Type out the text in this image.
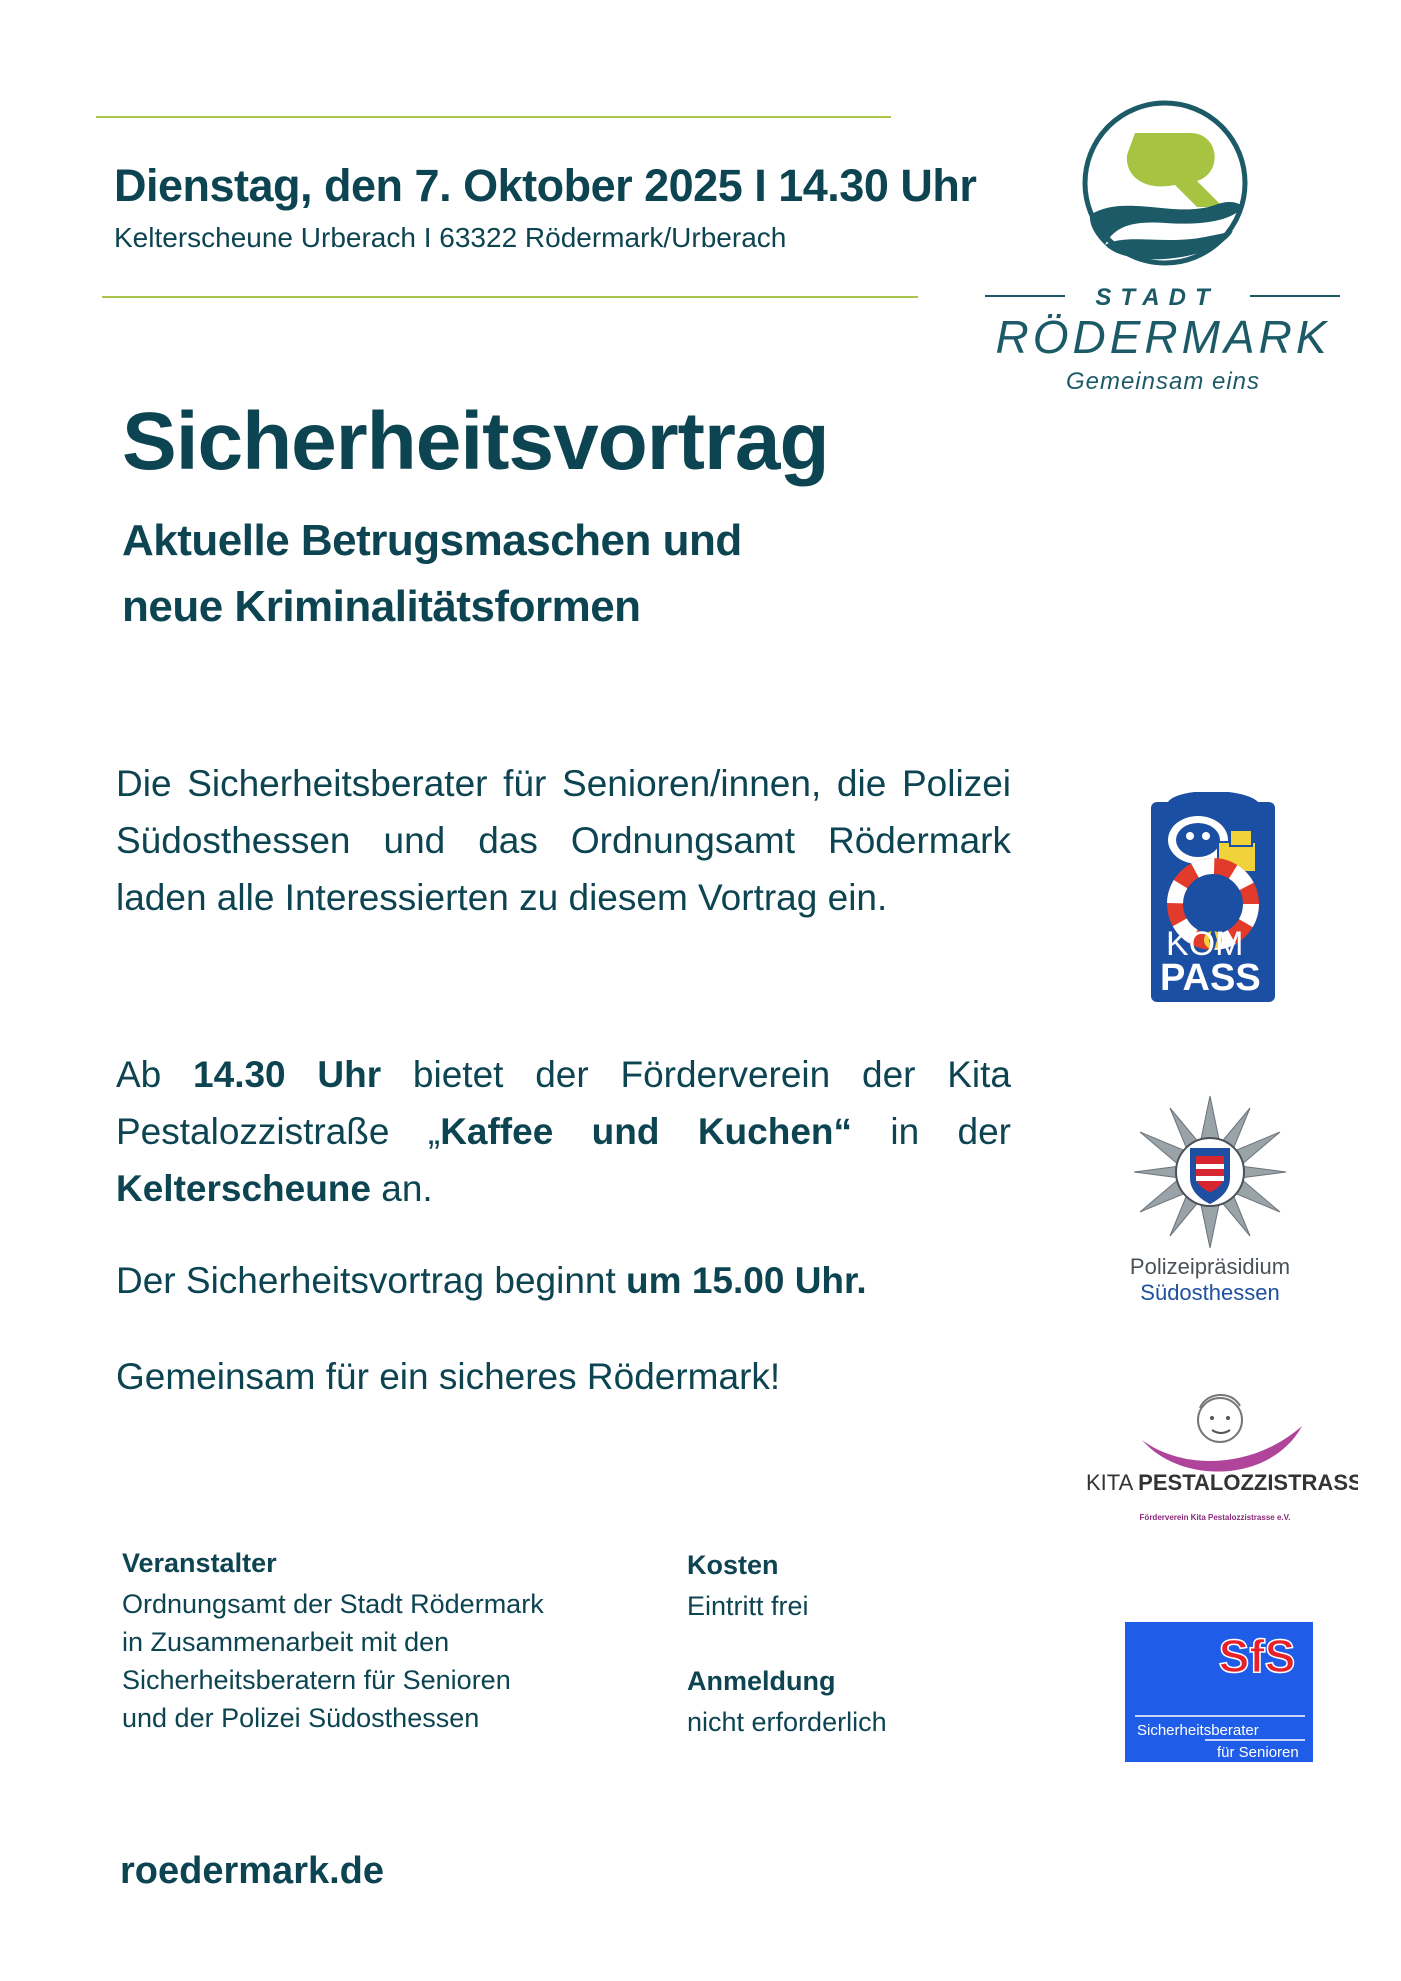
Dienstag, den 7. Oktober 2025 I 14.30 Uhr
Kelterscheune Urberach I 63322 Rödermark/Urberach
STADT
RÖDERMARK
Gemeinsam eins
Sicherheitsvortrag
Aktuelle Betrugsmaschen und
neue Kriminalitätsformen
Die Sicherheitsberater für Senioren/innen, die Polizei Südosthessen und das Ordnungsamt Rödermark laden alle Interessierten zu diesem Vortrag ein.
Ab 14.30 Uhr bietet der Förderverein der Kita Pestalozzistraße „Kaffee und Kuchen“ in der Kelterscheune an.
Der Sicherheitsvortrag beginnt um 15.00 Uhr.
Gemeinsam für ein sicheres Rödermark!
Veranstalter
Ordnungsamt der Stadt Rödermark
in Zusammenarbeit mit den
Sicherheitsberatern für Senioren
und der Polizei Südosthessen
Kosten
Eintritt frei
Anmeldung
nicht erforderlich
KOM
PASS
Polizeipräsidium
Südosthessen
KITA PESTALOZZISTRASSE
Förderverein Kita Pestalozzistrasse e.V.
SfS
Sicherheitsberater
für Senioren
roedermark.de
